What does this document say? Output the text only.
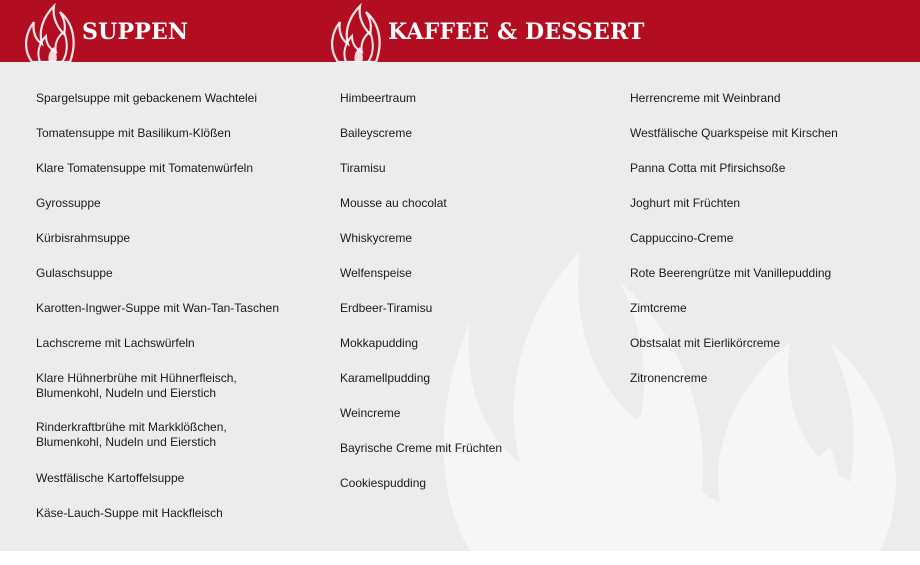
SUPPEN	KAFFEE & DESSERT
Spargelsuppe mit gebackenem Wachtelei
Tomatensuppe mit Basilikum-Klößen
Klare Tomatensuppe mit Tomatenwürfeln
Gyrossuppe
Kürbisrahmsuppe
Gulaschsuppe
Karotten-Ingwer-Suppe mit Wan-Tan-Taschen
Lachscreme mit Lachswürfeln
Klare Hühnerbrühe mit Hühnerfleisch,
Blumenkohl, Nudeln und Eierstich
Rinderkraftbrühe mit Markklößchen,
Blumenkohl, Nudeln und Eierstich
Westfälische Kartoffelsuppe
Käse-Lauch-Suppe mit Hackfleisch
Himbeertraum
Baileyscreme
Tiramisu
Mousse au chocolat
Whiskycreme
Welfenspeise
Erdbeer-Tiramisu
Mokkapudding
Karamellpudding
Weincreme
Bayrische Creme mit Früchten
Cookiespudding
Herrencreme mit Weinbrand
Westfälische Quarkspeise mit Kirschen
Panna Cotta mit Pfirsichsoße
Joghurt mit Früchten
Cappuccino-Creme
Rote Beerengrütze mit Vanillepudding
Zimtcreme
Obstsalat mit Eierlikörcreme
Zitronencreme
